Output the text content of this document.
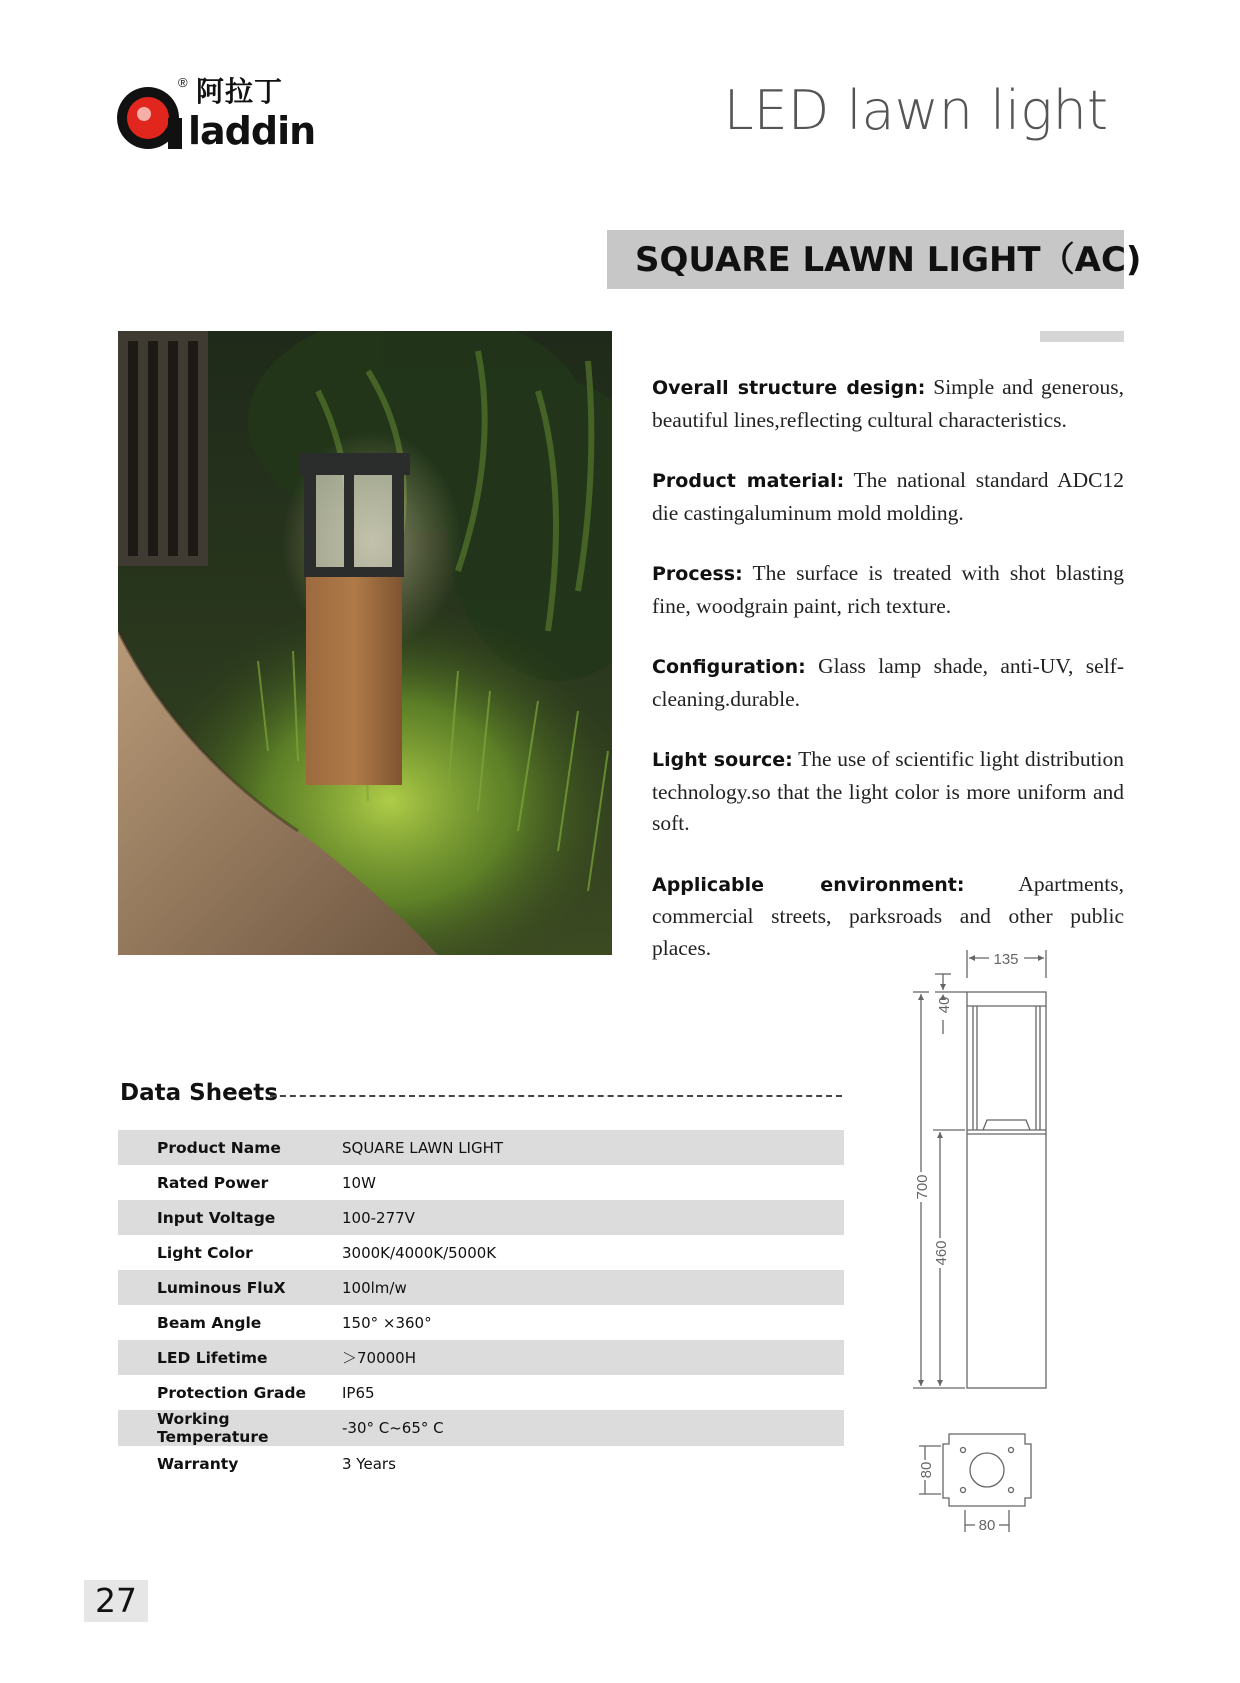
® 阿拉丁
laddin	LED lawn light
SQUARE LAWN LIGHT（AC)

Overall structure design: Simple and generous, beautiful lines,reflecting cultural characteristics.

Product material: The national standard ADC12 die castingaluminum mold molding.

Process: The surface is treated with shot blasting fine, woodgrain paint, rich texture.

Configuration: Glass lamp shade, anti-UV, self-cleaning.durable.

Light source: The use of scientific light distribution technology.so that the light color is more uniform and soft.

Applicable environment: Apartments, commercial streets, parksroads and other public places.

Data Sheets
Product Name	SQUARE LAWN LIGHT
Rated Power	10W
Input Voltage	100-277V
Light Color	3000K/4000K/5000K
Luminous FluX	100lm/w
Beam Angle	150° ×360°
LED Lifetime	＞70000H
Protection Grade	IP65
Working Temperature	-30° C~65° C
Warranty	3 Years
135
40
700
460
80
80
27
